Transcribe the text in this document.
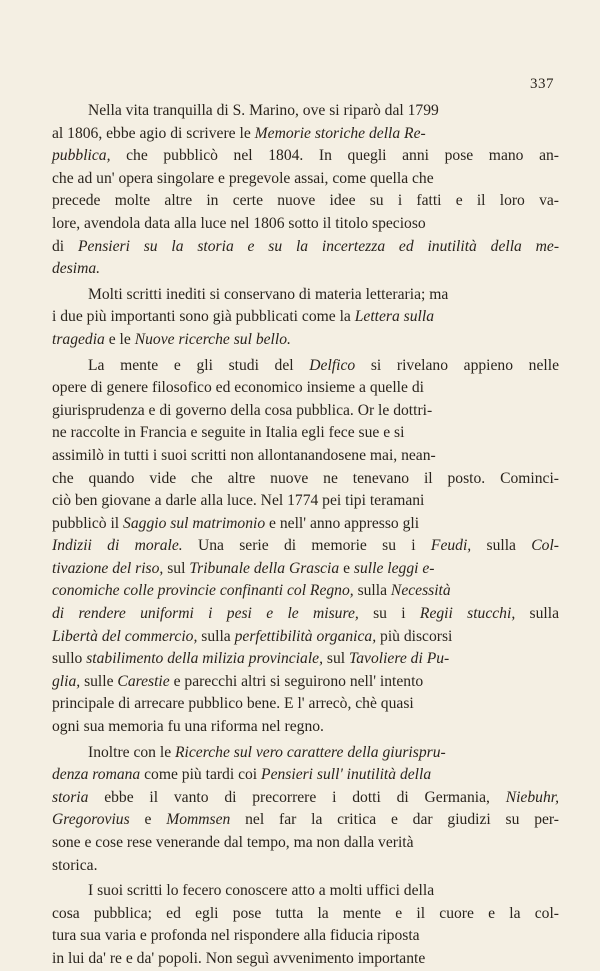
337
Nella vita tranquilla di S. Marino, ove si riparò dal 1799
al 1806, ebbe agio di scrivere le Memorie storiche della Re-
pubblica, che pubblicò nel 1804. In quegli anni pose mano an-
che ad un' opera singolare e pregevole assai, come quella che
precede molte altre in certe nuove idee su i fatti e il loro va-
lore, avendola data alla luce nel 1806 sotto il titolo specioso
di Pensieri su la storia e su la incertezza ed inutilità della me-
desima.
Molti scritti inediti si conservano di materia letteraria; ma
i due più importanti sono già pubblicati come la Lettera sulla
tragedia e le Nuove ricerche sul bello.
La mente e gli studi del Delfico si rivelano appieno nelle
opere di genere filosofico ed economico insieme a quelle di
giurisprudenza e di governo della cosa pubblica. Or le dottri-
ne raccolte in Francia e seguite in Italia egli fece sue e si
assimilò in tutti i suoi scritti non allontanandosene mai, nean-
che quando vide che altre nuove ne tenevano il posto. Cominci-
ciò ben giovane a darle alla luce. Nel 1774 pei tipi teramani
pubblicò il Saggio sul matrimonio e nell' anno appresso gli
Indizii di morale. Una serie di memorie su i Feudi, sulla Col-
tivazione del riso, sul Tribunale della Grascia e sulle leggi e-
conomiche colle provincie confinanti col Regno, sulla Necessità
di rendere uniformi i pesi e le misure, su i Regii stucchi, sulla
Libertà del commercio, sulla perfettibilità organica, più discorsi
sullo stabilimento della milizia provinciale, sul Tavoliere di Pu-
glia, sulle Carestie e parecchi altri si seguirono nell' intento
principale di arrecare pubblico bene. E l' arrecò, chè quasi
ogni sua memoria fu una riforma nel regno.
Inoltre con le Ricerche sul vero carattere della giurispru-
denza romana come più tardi coi Pensieri sull' inutilità della
storia ebbe il vanto di precorrere i dotti di Germania, Niebuhr,
Gregorovius e Mommsen nel far la critica e dar giudizi su per-
sone e cose rese venerande dal tempo, ma non dalla verità
storica.
I suoi scritti lo fecero conoscere atto a molti uffici della
cosa pubblica; ed egli pose tutta la mente e il cuore e la col-
tura sua varia e profonda nel rispondere alla fiducia riposta
in lui da' re e da' popoli. Non seguì avvenimento importante
